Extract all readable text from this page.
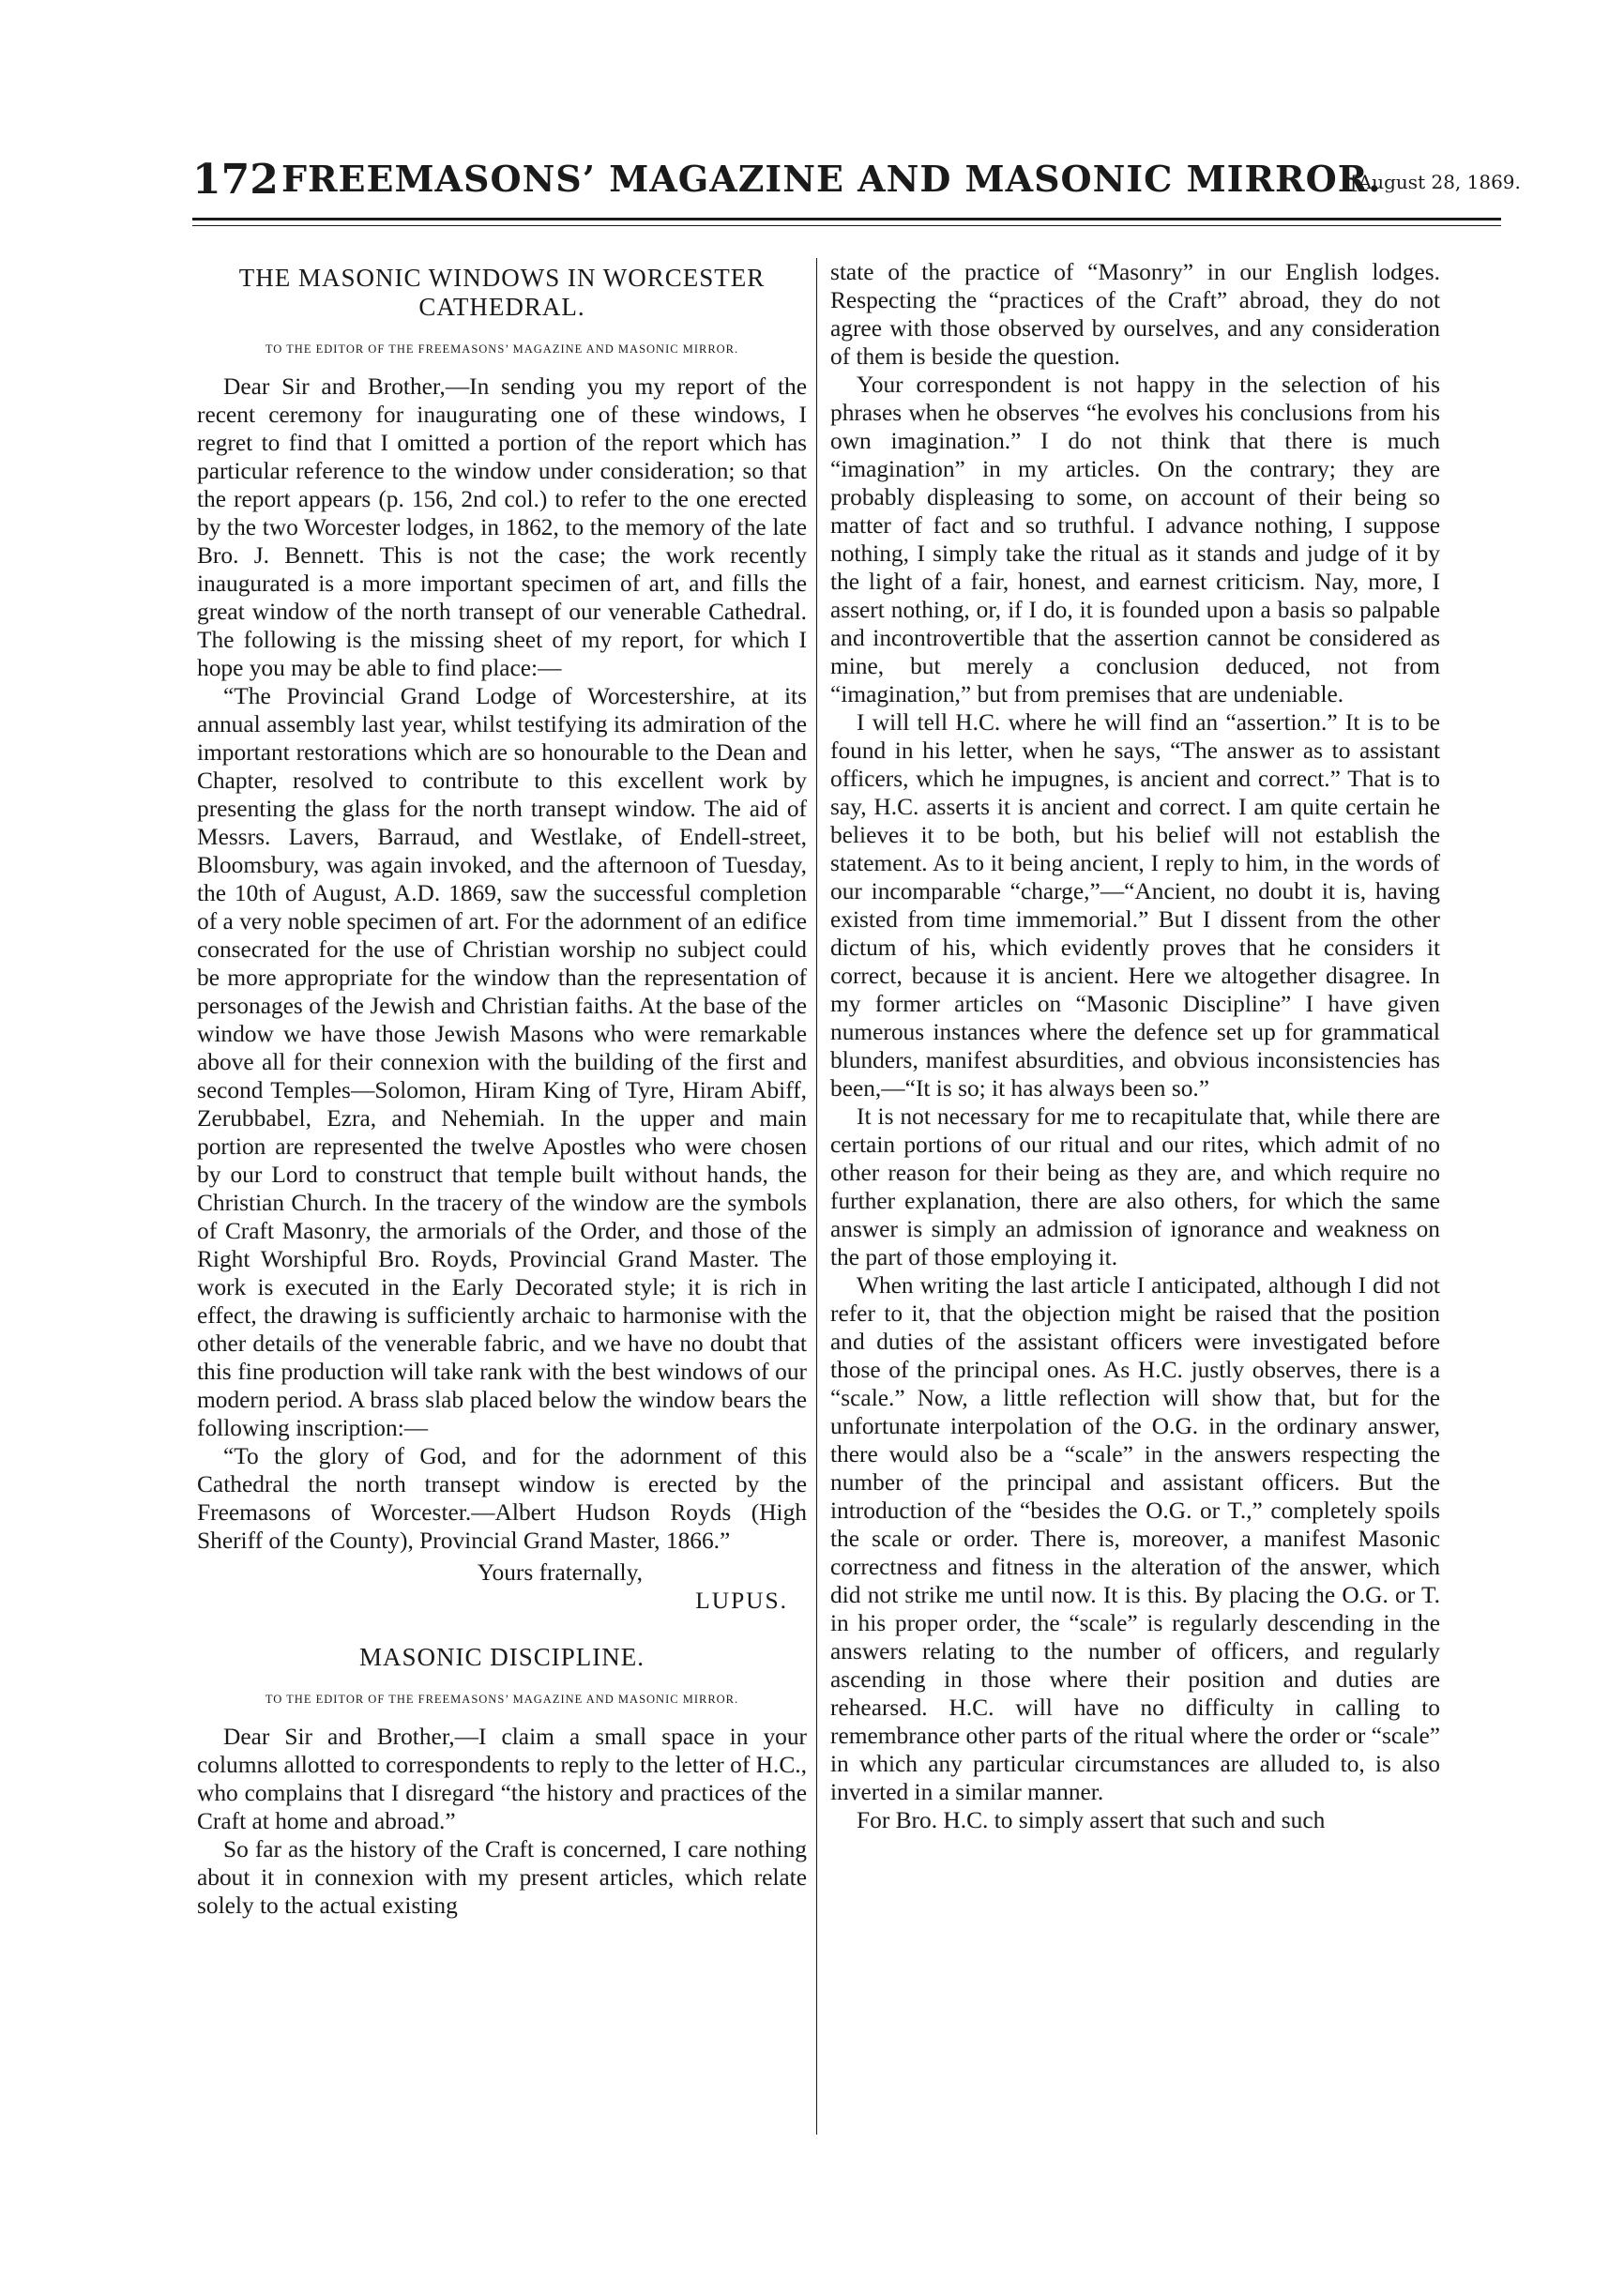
172 FREEMASONS’ MAGAZINE AND MASONIC MIRROR.
[August 28, 1869.
THE MASONIC WINDOWS IN WORCESTER CATHEDRAL.
TO THE EDITOR OF THE FREEMASONS’ MAGAZINE AND MASONIC MIRROR.

Dear Sir and Brother,—In sending you my report of the recent ceremony for inaugurating one of these windows, I regret to find that I omitted a portion of the report which has particular reference to the window under consideration; so that the report appears (p. 156, 2nd col.) to refer to the one erected by the two Worcester lodges, in 1862, to the memory of the late Bro. J. Bennett. This is not the case; the work recently inaugurated is a more important specimen of art, and fills the great window of the north transept of our venerable Cathedral. The following is the missing sheet of my report, for which I hope you may be able to find place:—

“The Provincial Grand Lodge of Worcestershire, at its annual assembly last year, whilst testifying its admiration of the important restorations which are so honourable to the Dean and Chapter, resolved to contribute to this excellent work by presenting the glass for the north transept window. The aid of Messrs. Lavers, Barraud, and Westlake, of Endell-street, Bloomsbury, was again invoked, and the afternoon of Tuesday, the 10th of August, A.D. 1869, saw the successful completion of a very noble specimen of art. For the adornment of an edifice consecrated for the use of Christian worship no subject could be more appropriate for the window than the representation of personages of the Jewish and Christian faiths. At the base of the window we have those Jewish Masons who were remarkable above all for their connexion with the building of the first and second Temples—Solomon, Hiram King of Tyre, Hiram Abiff, Zerubbabel, Ezra, and Nehemiah. In the upper and main portion are represented the twelve Apostles who were chosen by our Lord to construct that temple built without hands, the Christian Church. In the tracery of the window are the symbols of Craft Masonry, the armorials of the Order, and those of the Right Worshipful Bro. Royds, Provincial Grand Master. The work is executed in the Early Decorated style; it is rich in effect, the drawing is sufficiently archaic to harmonise with the other details of the venerable fabric, and we have no doubt that this fine production will take rank with the best windows of our modern period. A brass slab placed below the window bears the following inscription:—

“To the glory of God, and for the adornment of this Cathedral the north transept window is erected by the Freemasons of Worcester.—Albert Hudson Royds (High Sheriff of the County), Provincial Grand Master, 1866.”

Yours fraternally,

LUPUS.

MASONIC DISCIPLINE.
TO THE EDITOR OF THE FREEMASONS’ MAGAZINE AND MASONIC MIRROR.

Dear Sir and Brother,—I claim a small space in your columns allotted to correspondents to reply to the letter of H.C., who complains that I disregard “the history and practices of the Craft at home and abroad.”

So far as the history of the Craft is concerned, I care nothing about it in connexion with my present articles, which relate solely to the actual existing

state of the practice of “Masonry” in our English lodges. Respecting the “practices of the Craft” abroad, they do not agree with those observed by ourselves, and any consideration of them is beside the question.

Your correspondent is not happy in the selection of his phrases when he observes “he evolves his conclusions from his own imagination.” I do not think that there is much “imagination” in my articles. On the contrary; they are probably displeasing to some, on account of their being so matter of fact and so truthful. I advance nothing, I suppose nothing, I simply take the ritual as it stands and judge of it by the light of a fair, honest, and earnest criticism. Nay, more, I assert nothing, or, if I do, it is founded upon a basis so palpable and incontrovertible that the assertion cannot be considered as mine, but merely a conclusion deduced, not from “imagination,” but from premises that are undeniable.

I will tell H.C. where he will find an “assertion.” It is to be found in his letter, when he says, “The answer as to assistant officers, which he impugnes, is ancient and correct.” That is to say, H.C. asserts it is ancient and correct. I am quite certain he believes it to be both, but his belief will not establish the statement. As to it being ancient, I reply to him, in the words of our incomparable “charge,”—“Ancient, no doubt it is, having existed from time immemorial.” But I dissent from the other dictum of his, which evidently proves that he considers it correct, because it is ancient. Here we altogether disagree. In my former articles on “Masonic Discipline” I have given numerous instances where the defence set up for grammatical blunders, manifest absurdities, and obvious inconsistencies has been,—“It is so; it has always been so.”

It is not necessary for me to recapitulate that, while there are certain portions of our ritual and our rites, which admit of no other reason for their being as they are, and which require no further explanation, there are also others, for which the same answer is simply an admission of ignorance and weakness on the part of those employing it.

When writing the last article I anticipated, although I did not refer to it, that the objection might be raised that the position and duties of the assistant officers were investigated before those of the principal ones. As H.C. justly observes, there is a “scale.” Now, a little reflection will show that, but for the unfortunate interpolation of the O.G. in the ordinary answer, there would also be a “scale” in the answers respecting the number of the principal and assistant officers. But the introduction of the “besides the O.G. or T.,” completely spoils the scale or order. There is, moreover, a manifest Masonic correctness and fitness in the alteration of the answer, which did not strike me until now. It is this. By placing the O.G. or T. in his proper order, the “scale” is regularly descending in the answers relating to the number of officers, and regularly ascending in those where their position and duties are rehearsed. H.C. will have no difficulty in calling to remembrance other parts of the ritual where the order or “scale” in which any particular circumstances are alluded to, is also inverted in a similar manner.

For Bro. H.C. to simply assert that such and such
